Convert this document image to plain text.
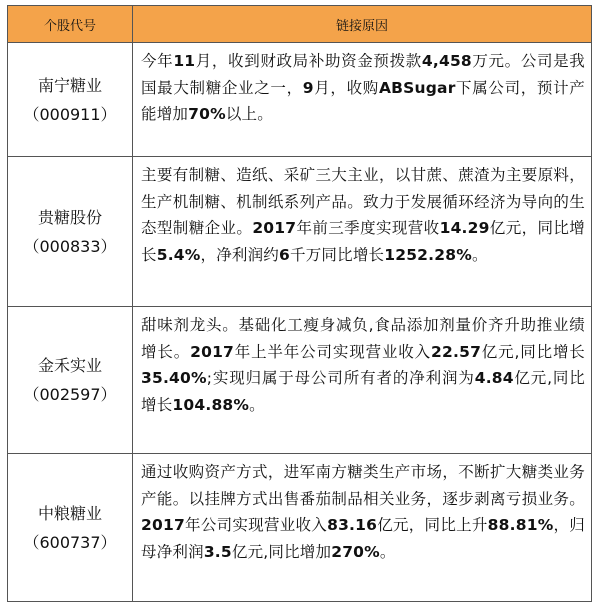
个股代号	链接原因
南宁糖业
（000911）
今年11月，收到财政局补助资金预拨款4,458万元。公司是我国最大制糖企业之一，9月，收购ABSugar下属公司，预计产能增加70%以上。
贵糖股份
（000833）
主要有制糖、造纸、采矿三大主业，以甘蔗、蔗渣为主要原料，生产机制糖、机制纸系列产品。致力于发展循环经济为导向的生态型制糖企业。2017年前三季度实现营收14.29亿元，同比增长5.4%，净利润约6千万同比增长1252.28%。
金禾实业
（002597）
甜味剂龙头。基础化工瘦身减负,食品添加剂量价齐升助推业绩增长。2017年上半年公司实现营业收入22.57亿元,同比增长35.40%;实现归属于母公司所有者的净利润为4.84亿元,同比增长104.88%。
中粮糖业
（600737）
通过收购资产方式，进军南方糖类生产市场，不断扩大糖类业务产能。以挂牌方式出售番茄制品相关业务，逐步剥离亏损业务。2017年公司实现营业收入83.16亿元，同比上升88.81%，归母净利润3.5亿元,同比增加270%。
